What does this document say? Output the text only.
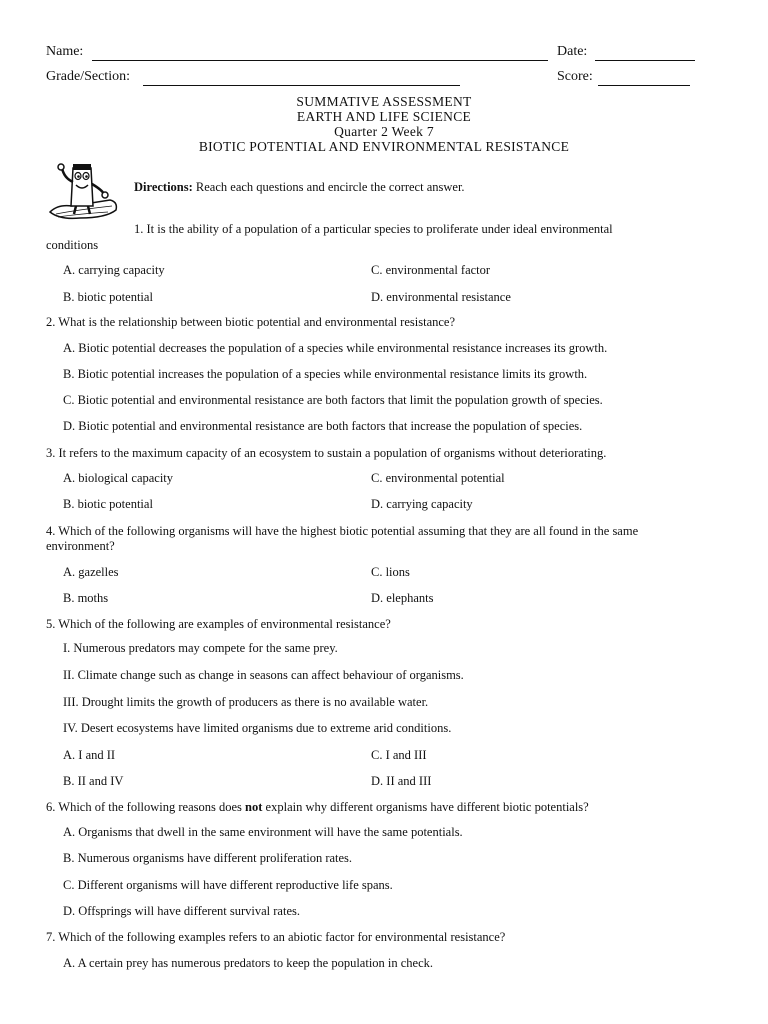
Name:	Date:
Grade/Section:	Score:
SUMMATIVE ASSESSMENT
EARTH AND LIFE SCIENCE
Quarter 2 Week 7
BIOTIC POTENTIAL AND ENVIRONMENTAL RESISTANCE
Directions: Reach each questions and encircle the correct answer.
1. It is the ability of a population of a particular species to proliferate under ideal environmental
conditions
A. carrying capacity	C. environmental factor
B. biotic potential	D. environmental resistance
2. What is the relationship between biotic potential and environmental resistance?
A. Biotic potential decreases the population of a species while environmental resistance increases its growth.
B. Biotic potential increases the population of a species while environmental resistance limits its growth.
C. Biotic potential and environmental resistance are both factors that limit the population growth of species.
D. Biotic potential and environmental resistance are both factors that increase the population of species.
3. It refers to the maximum capacity of an ecosystem to sustain a population of organisms without deteriorating.
A. biological capacity	C. environmental potential
B. biotic potential	D. carrying capacity
4. Which of the following organisms will have the highest biotic potential assuming that they are all found in the same
environment?
A. gazelles	C. lions
B. moths	D. elephants
5. Which of the following are examples of environmental resistance?
I. Numerous predators may compete for the same prey.
II. Climate change such as change in seasons can affect behaviour of organisms.
III. Drought limits the growth of producers as there is no available water.
IV. Desert ecosystems have limited organisms due to extreme arid conditions.
A. I and II	C. I and III
B. II and IV	D. II and III
6. Which of the following reasons does not explain why different organisms have different biotic potentials?
A. Organisms that dwell in the same environment will have the same potentials.
B. Numerous organisms have different proliferation rates.
C. Different organisms will have different reproductive life spans.
D. Offsprings will have different survival rates.
7. Which of the following examples refers to an abiotic factor for environmental resistance?
A. A certain prey has numerous predators to keep the population in check.
